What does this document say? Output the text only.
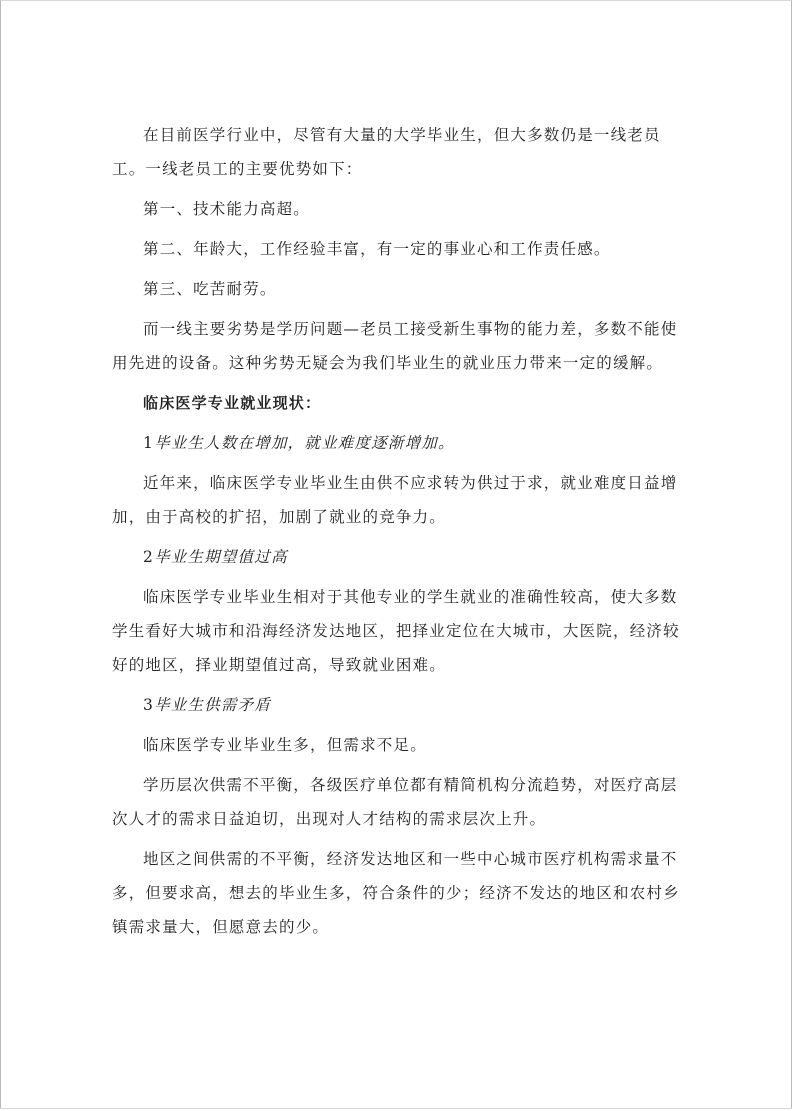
在目前医学行业中，尽管有大量的大学毕业生，但大多数仍是一线老员工。一线老员工的主要优势如下：

第一、技术能力高超。

第二、年龄大，工作经验丰富，有一定的事业心和工作责任感。

第三、吃苦耐劳。

而一线主要劣势是学历问题—老员工接受新生事物的能力差，多数不能使用先进的设备。这种劣势无疑会为我们毕业生的就业压力带来一定的缓解。

临床医学专业就业现状：

1毕业生人数在增加，就业难度逐渐增加。

近年来，临床医学专业毕业生由供不应求转为供过于求，就业难度日益增加，由于高校的扩招，加剧了就业的竞争力。

2毕业生期望值过高

临床医学专业毕业生相对于其他专业的学生就业的准确性较高，使大多数学生看好大城市和沿海经济发达地区，把择业定位在大城市，大医院，经济较好的地区，择业期望值过高，导致就业困难。

3毕业生供需矛盾

临床医学专业毕业生多，但需求不足。

学历层次供需不平衡，各级医疗单位都有精简机构分流趋势，对医疗高层次人才的需求日益迫切，出现对人才结构的需求层次上升。

地区之间供需的不平衡，经济发达地区和一些中心城市医疗机构需求量不多，但要求高，想去的毕业生多，符合条件的少；经济不发达的地区和农村乡镇需求量大，但愿意去的少。
